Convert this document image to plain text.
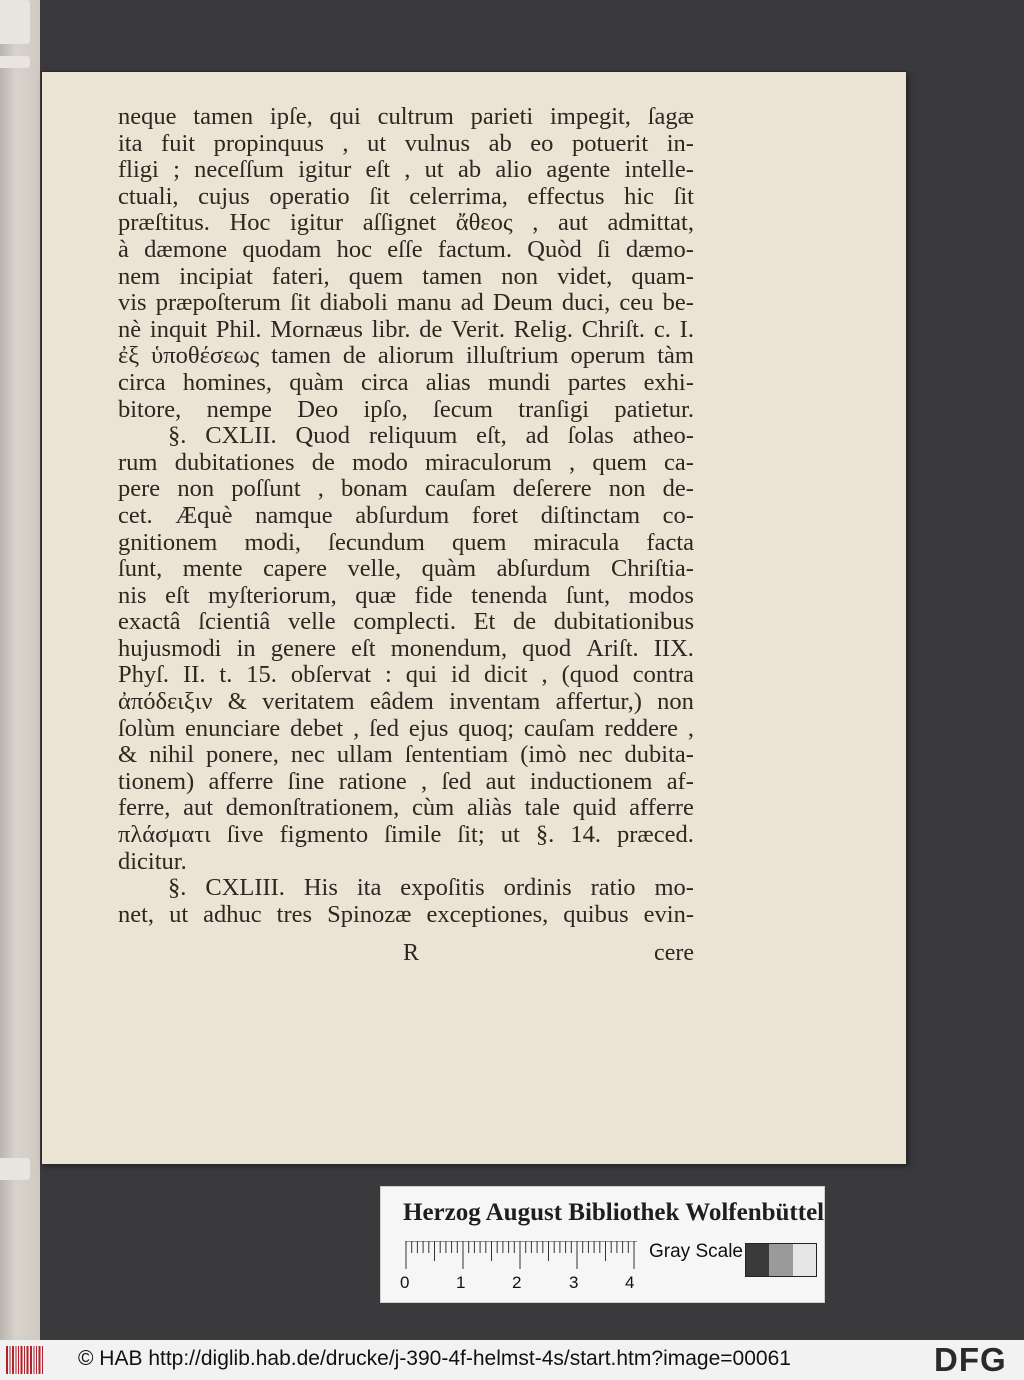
neque tamen ipſe, qui cultrum parieti impegit, ſagæ
ita fuit propinquus , ut vulnus ab eo potuerit in-
fligi ; neceſſum igitur eſt , ut ab alio agente intelle-
ctuali, cujus operatio ſit celerrima, effectus hic ſit
præſtitus. Hoc igitur aſſignet ἄθεος , aut admittat,
à dæmone quodam hoc eſſe factum. Quòd ſi dæmo-
nem incipiat fateri, quem tamen non videt, quam-
vis præpoſterum ſit diaboli manu ad Deum duci, ceu be-
nè inquit Phil. Mornæus libr. de Verit. Relig. Chriſt. c. I.
ἐξ ὑποθέσεως tamen de aliorum illuſtrium operum tàm
circa homines, quàm circa alias mundi partes exhi-
bitore, nempe Deo ipſo, ſecum tranſigi patietur.
§. CXLII. Quod reliquum eſt, ad ſolas atheo-
rum dubitationes de modo miraculorum , quem ca-
pere non poſſunt , bonam cauſam deſerere non de-
cet. Æquè namque abſurdum foret diſtinctam co-
gnitionem modi, ſecundum quem miracula facta
ſunt, mente capere velle, quàm abſurdum Chriſtia-
nis eſt myſteriorum, quæ fide tenenda ſunt, modos
exactâ ſcientiâ velle complecti. Et de dubitationibus
hujusmodi in genere eſt monendum, quod Ariſt. IIX.
Phyſ. II. t. 15. obſervat : qui id dicit , (quod contra
ἀπόδειξιν & veritatem eâdem inventam affertur,) non
ſolùm enunciare debet , ſed ejus quoq; cauſam reddere ,
& nihil ponere, nec ullam ſententiam (imò nec dubita-
tionem) afferre ſine ratione , ſed aut inductionem af-
ferre, aut demonſtrationem, cùm aliàs tale quid afferre
πλάσματι ſive figmento ſimile ſit; ut §. 14. præced.
dicitur.
§. CXLIII. His ita expoſitis ordinis ratio mo-
net, ut adhuc tres Spinozæ exceptiones, quibus evin-
R	cere
Herzog August Bibliothek Wolfenbüttel
0	1	2	3	4
Gray Scale
© HAB http://diglib.hab.de/drucke/j-390-4f-helmst-4s/start.htm?image=00061	DFG
